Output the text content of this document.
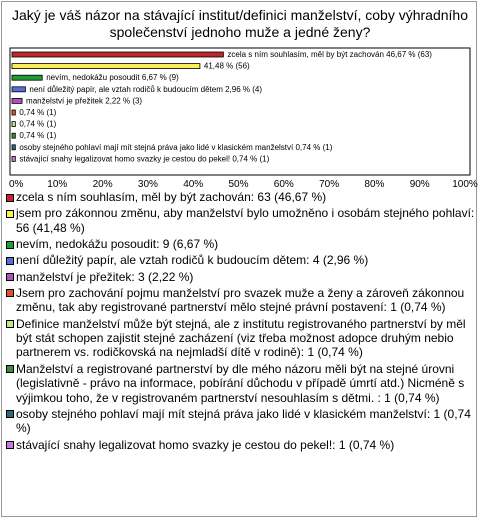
Jaký je váš názor na stávající institut/definici manželství, coby výhradního společenství jednoho muže a jedné ženy?
zcela s ním souhlasím, měl by být zachován 46,67 % (63)
41,48 % (56)
nevím, nedokážu posoudit 6,67 % (9)
není důležitý papír, ale vztah rodičů k budoucím dětem 2,96 % (4)
manželství je přežitek 2,22 % (3)
0,74 % (1)
0,74 % (1)
0,74 % (1)
osoby stejného pohlaví mají mít stejná práva jako lidé v klasickém manželství 0,74 % (1)
stávající snahy legalizovat homo svazky je cestou do pekel! 0,74 % (1)
0% 10%	20%	30%	40%	50%	60%	70%	80%	90% 100%
zcela s ním souhlasím, měl by být zachován: 63 (46,67 %)
jsem pro zákonnou změnu, aby manželství bylo umožněno i osobám stejného pohlaví: 56 (41,48 %)
nevím, nedokážu posoudit: 9 (6,67 %)
není důležitý papír, ale vztah rodičů k budoucím dětem: 4 (2,96 %)
manželství je přežitek: 3 (2,22 %)
Jsem pro zachování pojmu manželství pro svazek muže a ženy a zároveň zákonnou změnu, tak aby registrované partnerství mělo stejné právní postavení: 1 (0,74 %)
Definice manželství může být stejná, ale z institutu registrovaného partnerství by měl být stát schopen zajistit stejné zacházení (viz třeba možnost adopce druhým nebio partnerem vs. rodičkovská na nejmladší dítě v rodině): 1 (0,74 %)
Manželství a registrované partnerství by dle mého názoru měli být na stejné úrovni (legislativně - právo na informace, pobírání důchodu v případě úmrtí atd.) Nicméně s výjimkou toho, že v registrovaném partnerství nesouhlasím s dětmi. : 1 (0,74 %)
osoby stejného pohlaví mají mít stejná práva jako lidé v klasickém manželství: 1 (0,74 %)
stávající snahy legalizovat homo svazky je cestou do pekel!: 1 (0,74 %)
